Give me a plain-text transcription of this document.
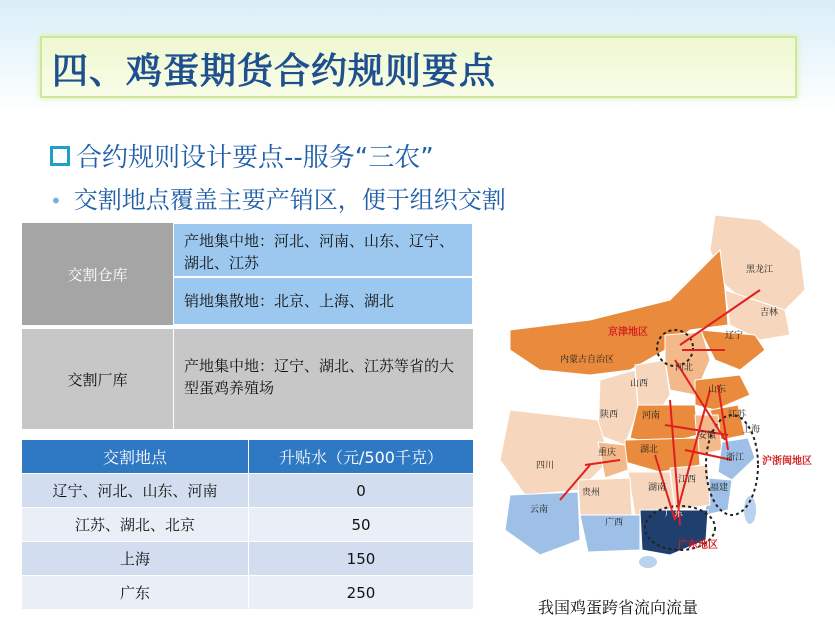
四、鸡蛋期货合约规则要点
合约规则设计要点--服务“三农”
• 交割地点覆盖主要产销区，便于组织交割
交割仓库
产地集中地：河北、河南、山东、辽宁、湖北、江苏
销地集散地：北京、上海、湖北
交割厂库
产地集中地：辽宁、湖北、江苏等省的大型蛋鸡养殖场
交割地点	升贴水（元/500千克）
辽宁、河北、山东、河南	0
江苏、湖北、北京	50
上海	150
广东	250
黑龙江
吉林
辽宁
内蒙古自治区
河北
山西
陕西	河南
山东
江苏
安徽
湖北
上海
浙江
四川
重庆
贵州	湖南
江西
福建
云南
广西
广东
京津地区
沪浙闽地区
广东地区
我国鸡蛋跨省流向流量
